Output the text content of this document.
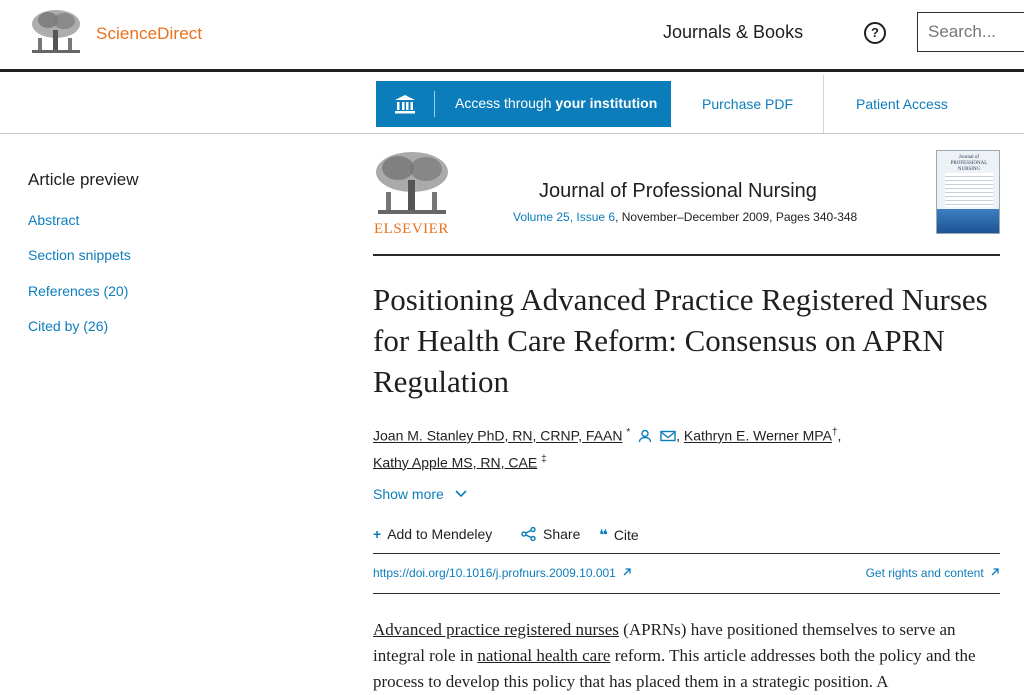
ScienceDirect	Journals & Books	?
Search...
Access through your institution	Purchase PDF	Patient Access
Article preview
Abstract
Section snippets
References (20)
Cited by (26)
ELSEVIER
Journal of Professional Nursing
Volume 25, Issue 6, November–December 2009, Pages 340-348
Journal of PROFESSIONAL NURSING
Positioning Advanced Practice Registered Nurses for Health Care Reform: Consensus on APRN Regulation
Joan M. Stanley PhD, RN, CRNP, FAAN *	, Kathryn E. Werner MPA†,
Kathy Apple MS, RN, CAE ‡
Show more
+ Add to Mendeley	Share ❝ Cite
https://doi.org/10.1016/j.profnurs.2009.10.001	Get rights and content

Advanced practice registered nurses (APRNs) have positioned themselves to serve an integral role in national health care reform. This article addresses both the policy and the process to develop this policy that has placed them in a strategic position. A
